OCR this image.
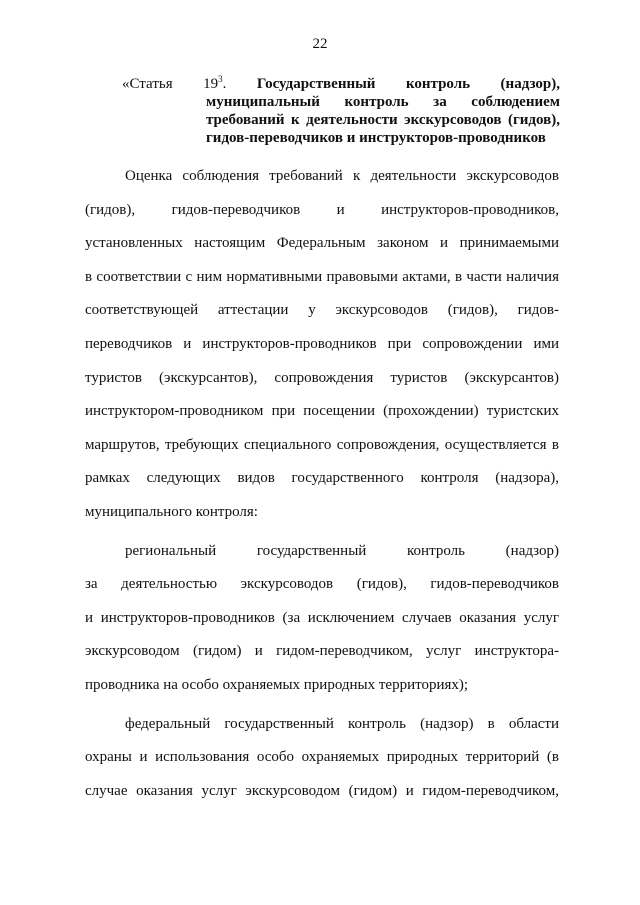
22
«Статья $19^3$. Государственный контроль (надзор),
муниципальный контроль за соблюдением
требований к деятельности экскурсоводов (гидов),
гидов-переводчиков и инструкторов-проводников
Оценка соблюдения требований к деятельности экскурсоводов
(гидов), гидов-переводчиков и инструкторов-проводников,
установленных настоящим Федеральным законом и принимаемыми
в соответствии с ним нормативными правовыми актами, в части наличия
соответствующей аттестации у экскурсоводов (гидов), гидов-
переводчиков и инструкторов-проводников при сопровождении ими
туристов (экскурсантов), сопровождения туристов (экскурсантов)
инструктором-проводником при посещении (прохождении) туристских
маршрутов, требующих специального сопровождения, осуществляется в
рамках следующих видов государственного контроля (надзора),
муниципального контроля:
региональный государственный контроль (надзор)
за деятельностью экскурсоводов (гидов), гидов-переводчиков
и инструкторов-проводников (за исключением случаев оказания услуг
экскурсоводом (гидом) и гидом-переводчиком, услуг инструктора-
проводника на особо охраняемых природных территориях);
федеральный государственный контроль (надзор) в области
охраны и использования особо охраняемых природных территорий (в
случае оказания услуг экскурсоводом (гидом) и гидом-переводчиком,
